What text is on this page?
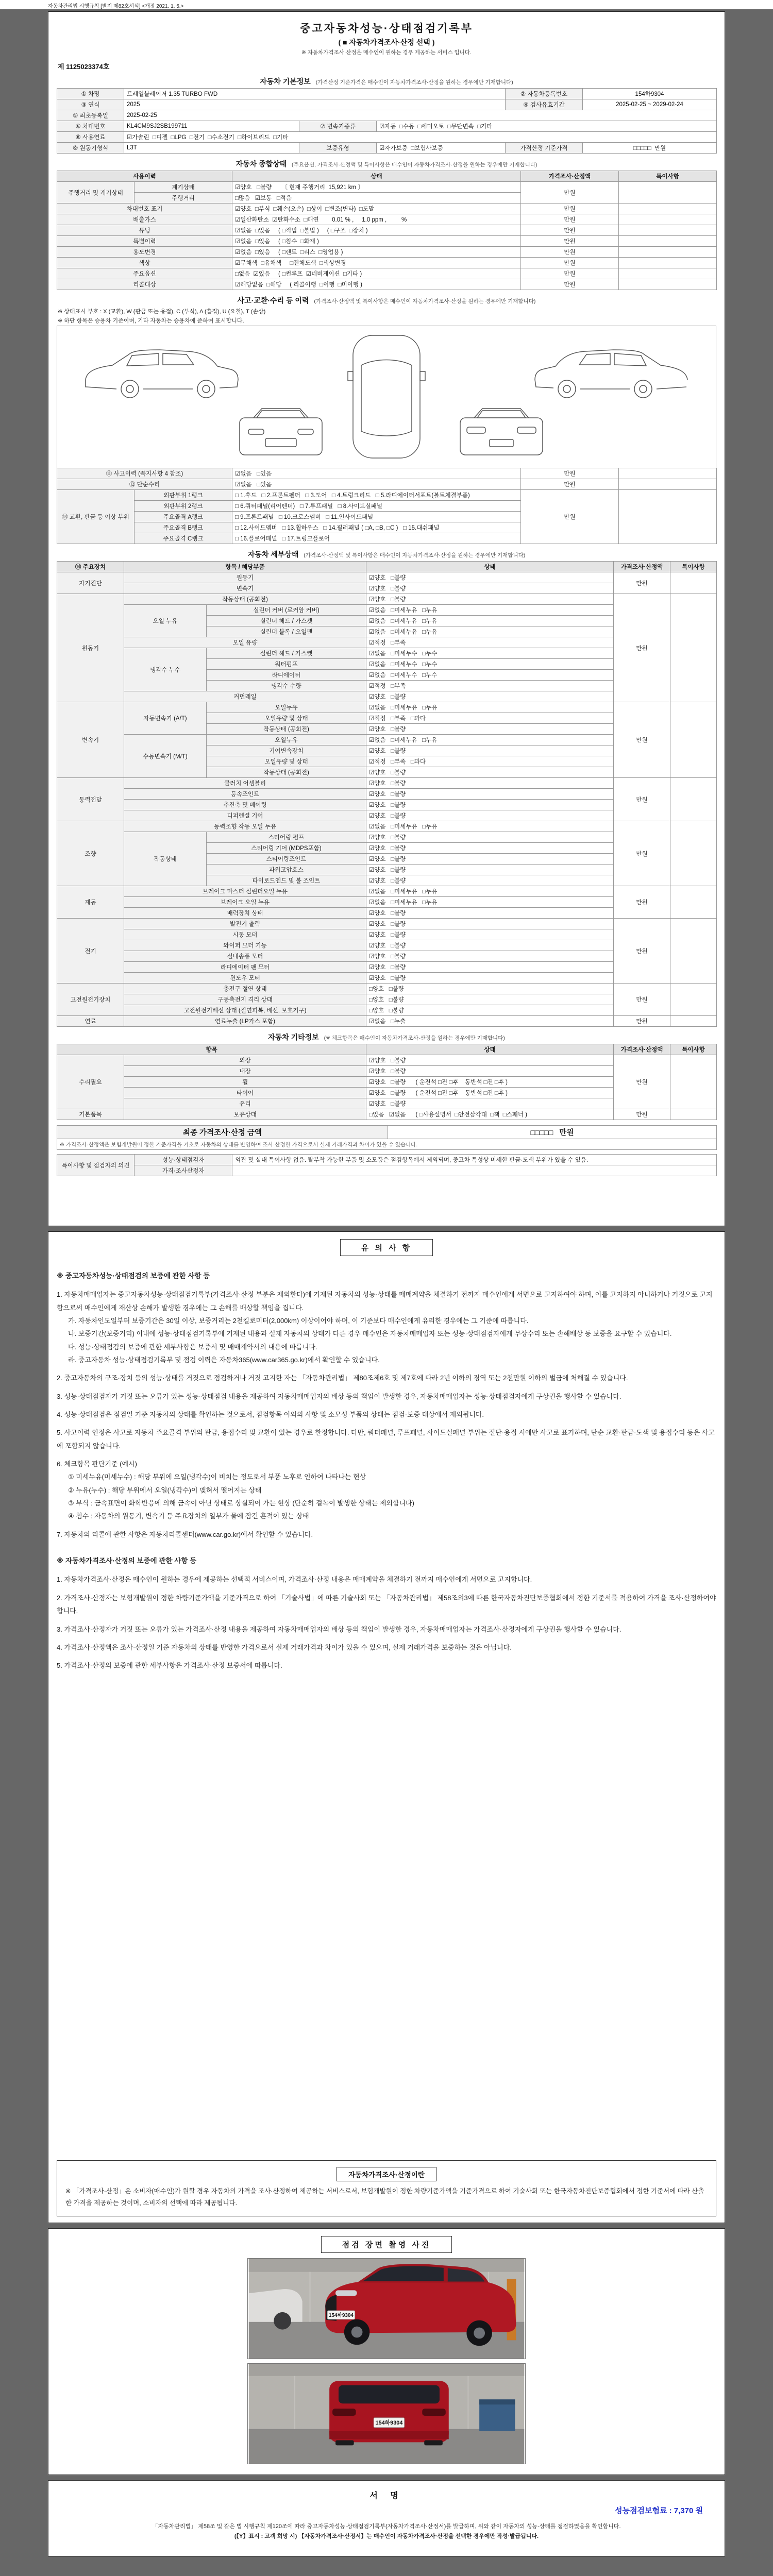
자동차관리법 시행규칙 [별지 제82호서식] <개정 2021. 1. 5.>
중고자동차성능·상태점검기록부
( ■ 자동차가격조사·산정 선택 )
※ 자동차가격조사·산정은 매수인이 원하는 경우 제공하는 서비스 입니다.
제 1125023374호
자동차 기본정보 (가격산정 기준가격은 매수인이 자동차가격조사·산정을 원하는 경우에만 기재합니다)
① 차명	트레일블레이저 1.35 TURBO FWD			② 자동차등록번호	154하9304
③ 연식	2025			④ 검사유효기간	2025-02-25 ~ 2029-02-24
⑤ 최초등록일	2025-02-25				
⑥ 차대번호	KL4CM9SJ2SB199711	⑦ 변속기종류	☑자동  □수동  □세미오토  □무단변속  □기타		
⑧ 사용연료	☑가솔린  □디젤  □LPG  □전기  □수소전기  □하이브리드  □기타				
⑨ 원동기형식	L3T	보증유형	☑자가보증  □보험사보증	가격산정 기준가격	□□□□□  만원
자동차 종합상태 (주요옵션, 가격조사·산정액 및 특이사항은 매수인이 자동차가격조사·산정을 원하는 경우에만 기재합니다)
사용이력		상태	가격조사·산정액	특이사항
주행거리 및 계기상태	계기상태	☑양호   □불량      〔 현재 주행거리  15,921 km 〕	만원	
	주행거리	□많음   ☑보통   □적음		
차대번호 표기		☑양호  □부식  □훼손(오손)  □상이  □변조(변타)  □도말	만원	
배출가스		☑일산화탄소  ☑탄화수소  □매연        0.01 % ,     1.0 ppm ,         %	만원	
튜닝		☑없음  □있음     ( □적법  □불법 )     ( □구조  □장치 )	만원	
특별이력		☑없음  □있음     ( □침수  □화재 )	만원	
용도변경		☑없음  □있음     ( □렌트  □리스  □영업용 )	만원	
색상		☑무채색  □유채색     □전체도색  □색상변경	만원	
주요옵션		□없음  ☑있음     ( □썬루프  ☑네비게이션  □기타 )	만원	
리콜대상		☑해당없음  □해당     ( 리콜이행  □이행  □미이행 )	만원	
사고·교환·수리 등 이력 (가격조사·산정액 및 특이사항은 매수인이 자동차가격조사·산정을 원하는 경우에만 기재합니다)
※ 상태표시 부호 : X (교환), W (판금 또는 용접), C (부식), A (흠집), U (요철), T (손상)
※ 하단 항목은 승용차 기준이며, 기타 자동차는 승용차에 준하여 표시합니다.
⑪ 사고이력 (쪽지사항 4 참조)		☑없음   □있음	만원	
⑫ 단순수리		☑없음   □있음	만원	
⑬ 교환, 판금 등 이상 부위	외판부위 1랭크	□ 1.후드   □ 2.프론트펜더   □ 3.도어   □ 4.트렁크리드   □ 5.라디에이터서포트(볼트체결부품)	만원	
	외판부위 2랭크	□ 6.쿼터패널(리어펜더)   □ 7.루프패널   □ 8.사이드실패널		
	주요골격 A랭크	□ 9.프론트패널   □ 10.크로스멤버   □ 11.인사이드패널		
	주요골격 B랭크	□ 12.사이드멤버   □ 13.휠하우스   □ 14.필러패널 ( □A, □B, □C )   □ 15.대쉬패널		
	주요골격 C랭크	□ 16.플로어패널   □ 17.트렁크플로어		
자동차 세부상태 (가격조사·산정액 및 특이사항은 매수인이 자동차가격조사·산정을 원하는 경우에만 기재합니다)
⑭ 주요장치	항목 / 해당부품		상태	가격조사·산정액	특이사항
자기진단	원동기		☑양호   □불량	만원	
	변속기		☑양호   □불량		
원동기	작동상태 (공회전)		☑양호   □불량	만원	
	오일 누유	실린더 커버 (로커암 커버)	☑없음   □미세누유   □누유		
		실린더 헤드 / 가스켓	☑없음   □미세누유   □누유		
		실린더 블록 / 오일팬	☑없음   □미세누유   □누유		
	오일 유량		☑적정   □부족		
	냉각수 누수	실린더 헤드 / 가스켓	☑없음   □미세누수   □누수		
		워터펌프	☑없음   □미세누수   □누수		
		라디에이터	☑없음   □미세누수   □누수		
		냉각수 수량	☑적정   □부족		
	커먼레일		☑양호   □불량		
변속기	자동변속기 (A/T)	오일누유	☑없음   □미세누유   □누유	만원	
		오일유량 및 상태	☑적정   □부족   □과다		
		작동상태 (공회전)	☑양호   □불량		
	수동변속기 (M/T)	오일누유	☑없음   □미세누유   □누유		
		기어변속장치	☑양호   □불량		
		오일유량 및 상태	☑적정   □부족   □과다		
		작동상태 (공회전)	☑양호   □불량		
동력전달	클러치 어셈블리		☑양호   □불량	만원	
	등속조인트		☑양호   □불량		
	추진축 및 베어링		☑양호   □불량		
	디퍼렌셜 기어		☑양호   □불량		
조향	동력조향 작동 오일 누유		☑없음   □미세누유   □누유	만원	
	작동상태	스티어링 펌프	☑양호   □불량		
		스티어링 기어 (MDPS포함)	☑양호   □불량		
		스티어링조인트	☑양호   □불량		
		파워고압호스	☑양호   □불량		
		타이로드엔드 및 볼 조인트	☑양호   □불량		
제동	브레이크 마스터 실린더오일 누유		☑없음   □미세누유   □누유	만원	
	브레이크 오일 누유		☑없음   □미세누유   □누유		
	배력장치 상태		☑양호   □불량		
전기	발전기 출력		☑양호   □불량	만원	
	시동 모터		☑양호   □불량		
	와이퍼 모터 기능		☑양호   □불량		
	실내송풍 모터		☑양호   □불량		
	라디에이터 팬 모터		☑양호   □불량		
	윈도우 모터		☑양호   □불량		
고전원전기장치	충전구 절연 상태		□양호   □불량	만원	
	구동축전지 격리 상태		□양호   □불량		
	고전원전기배선 상태 (절연피복, 배선, 보호기구)		□양호   □불량		
연료	연료누출 (LP가스 포함)		☑없음   □누출	만원	
자동차 기타정보 (※ 체크항목은 매수인이 자동차가격조사·산정을 원하는 경우에만 기재합니다)
항목		상태	가격조사·산정액	특이사항
수리필요	외장	☑양호   □불량	만원	
	내장	☑양호   □불량		
	휠	☑양호   □불량      ( 운전석 □전 □후    동반석 □전 □후 )		
	타이어	☑양호   □불량      ( 운전석 □전 □후    동반석 □전 □후 )		
	유리	☑양호   □불량		
기본품목	보유상태	□있음   ☑없음      ( □사용설명서  □안전삼각대  □잭  □스패너 )	만원	
최종 가격조사·산정 금액	□□□□□   만원
※ 가격조사·산정액은 보험개발원이 정한 기준가격을 기초로 자동차의 상태를 반영하여 조사·산정한 가격으로서 실제 거래가격과 차이가 있을 수 있습니다.
특이사항 및 점검자의 의견	성능·상태점검자	외관 및 실내 특이사항 없음. 탈부착 가능한 부품 및 소모품은 점검항목에서 제외되며, 중고차 특성상 미세한 판금·도색 부위가 있을 수 있음.
	가격·조사산정자	
유 의 사 항
※ 중고자동차성능·상태점검의 보증에 관한 사항 등
1. 자동차매매업자는 중고자동차성능·상태점검기록부(가격조사·산정 부분은 제외한다)에 기재된 자동차의 성능·상태를 매매계약을 체결하기 전까지 매수인에게 서면으로 고지하여야 하며, 이를 고지하지 아니하거나 거짓으로 고지함으로써 매수인에게 재산상 손해가 발생한 경우에는 그 손해를 배상할 책임을 집니다.
가. 자동차인도일부터 보증기간은 30일 이상, 보증거리는 2천킬로미터(2,000km) 이상이어야 하며, 이 기준보다 매수인에게 유리한 경우에는 그 기준에 따릅니다.
나. 보증기간(보증거리) 이내에 성능·상태점검기록부에 기재된 내용과 실제 자동차의 상태가 다른 경우 매수인은 자동차매매업자 또는 성능·상태점검자에게 무상수리 또는 손해배상 등 보증을 요구할 수 있습니다.
다. 성능·상태점검의 보증에 관한 세부사항은 보증서 및 매매계약서의 내용에 따릅니다.
라. 중고자동차 성능·상태점검기록부 및 점검 이력은 자동차365(www.car365.go.kr)에서 확인할 수 있습니다.
2. 중고자동차의 구조·장치 등의 성능·상태를 거짓으로 점검하거나 거짓 고지한 자는 「자동차관리법」 제80조제6호 및 제7호에 따라 2년 이하의 징역 또는 2천만원 이하의 벌금에 처해질 수 있습니다.
3. 성능·상태점검자가 거짓 또는 오류가 있는 성능·상태점검 내용을 제공하여 자동차매매업자의 배상 등의 책임이 발생한 경우, 자동차매매업자는 성능·상태점검자에게 구상권을 행사할 수 있습니다.
4. 성능·상태점검은 점검일 기준 자동차의 상태를 확인하는 것으로서, 점검항목 이외의 사항 및 소모성 부품의 상태는 점검·보증 대상에서 제외됩니다.
5. 사고이력 인정은 사고로 자동차 주요골격 부위의 판금, 용접수리 및 교환이 있는 경우로 한정합니다. 다만, 쿼터패널, 루프패널, 사이드실패널 부위는 절단·용접 시에만 사고로 표기하며, 단순 교환·판금·도색 및 용접수리 등은 사고에 포함되지 않습니다.
6. 체크항목 판단기준 (예시)
① 미세누유(미세누수) : 해당 부위에 오일(냉각수)이 비치는 정도로서 부품 노후로 인하여 나타나는 현상
② 누유(누수) : 해당 부위에서 오일(냉각수)이 맺혀서 떨어지는 상태
③ 부식 : 금속표면이 화학반응에 의해 금속이 아닌 상태로 상실되어 가는 현상 (단순히 겉녹이 발생한 상태는 제외합니다)
④ 침수 : 자동차의 원동기, 변속기 등 주요장치의 일부가 물에 잠긴 흔적이 있는 상태
7. 자동차의 리콜에 관한 사항은 자동차리콜센터(www.car.go.kr)에서 확인할 수 있습니다.
※ 자동차가격조사·산정의 보증에 관한 사항 등
1. 자동차가격조사·산정은 매수인이 원하는 경우에 제공하는 선택적 서비스이며, 가격조사·산정 내용은 매매계약을 체결하기 전까지 매수인에게 서면으로 고지합니다.
2. 가격조사·산정자는 보험개발원이 정한 차량기준가액을 기준가격으로 하여 「기술사법」에 따른 기술사회 또는 「자동차관리법」 제58조의3에 따른 한국자동차진단보증협회에서 정한 기준서를 적용하여 가격을 조사·산정하여야 합니다.
3. 가격조사·산정자가 거짓 또는 오류가 있는 가격조사·산정 내용을 제공하여 자동차매매업자의 배상 등의 책임이 발생한 경우, 자동차매매업자는 가격조사·산정자에게 구상권을 행사할 수 있습니다.
4. 가격조사·산정액은 조사·산정일 기준 자동차의 상태를 반영한 가격으로서 실제 거래가격과 차이가 있을 수 있으며, 실제 거래가격을 보증하는 것은 아닙니다.
5. 가격조사·산정의 보증에 관한 세부사항은 가격조사·산정 보증서에 따릅니다.
자동차가격조사·산정이란
※ 「가격조사·산정」은 소비자(매수인)가 원할 경우 자동차의 가격을 조사·산정하여 제공하는 서비스로서, 보험개발원이 정한 차량기준가액을 기준가격으로 하여 기술사회 또는 한국자동차진단보증협회에서 정한 기준서에 따라 산출한 가격을 제공하는 것이며, 소비자의 선택에 따라 제공됩니다.
점검 장면 촬영 사진
154하9304
154하9304
서 명
성능점검보험료 : 7,370 원
「자동차관리법」 제58조 및 같은 법 시행규칙 제120조에 따라 중고자동차성능·상태점검기록부(자동차가격조사·산정서)를 발급하며, 위와 같이 자동차의 성능·상태를 점검하였음을 확인합니다.
(【Y】표시 : 고객 희망 시) 【자동차가격조사·산정서】는 매수인이 자동차가격조사·산정을 선택한 경우에만 작성·발급됩니다.
